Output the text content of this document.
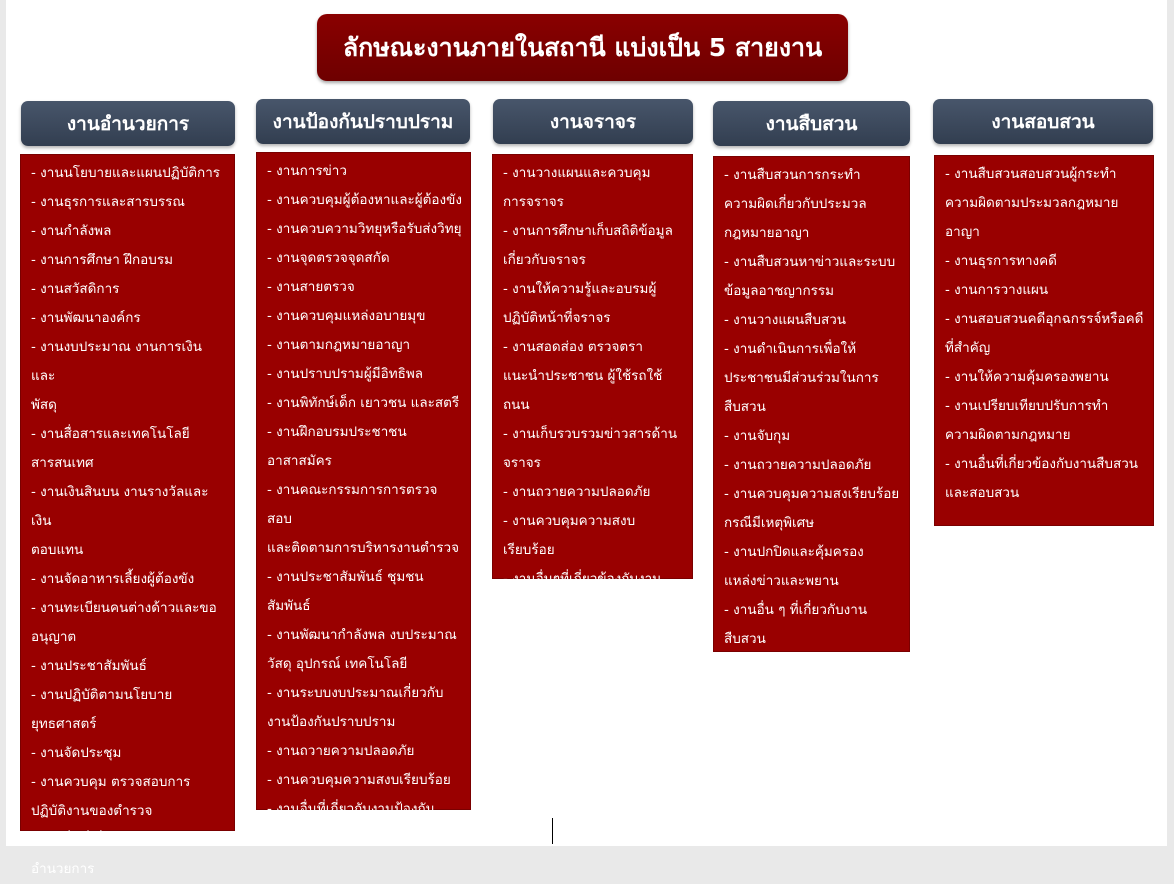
ลักษณะงานภายในสถานี แบ่งเป็น 5 สายงาน
งานอำนวยการ
- งานนโยบายและแผนปฏิบัติการ
- งานธุรการและสารบรรณ
- งานกำลังพล
- งานการศึกษา ฝึกอบรม
- งานสวัสดิการ
- งานพัฒนาองค์กร
- งานงบประมาณ งานการเงินและ
พัสดุ
- งานสื่อสารและเทคโนโลยี
สารสนเทศ
- งานเงินสินบน งานรางวัลและเงิน
ตอบแทน
- งานจัดอาหารเลี้ยงผู้ต้องขัง
- งานทะเบียนคนต่างด้าวและขอ
อนุญาต
- งานประชาสัมพันธ์
- งานปฏิบัติตามนโยบาย
ยุทธศาสตร์
- งานจัดประชุม
- งานควบคุม ตรวจสอบการ
ปฏิบัติงานของตำรวจ
- งานอื่นที่เกี่ยวข้องกับงาน
อำนวยการ
งานป้องกันปราบปราม
- งานการข่าว
- งานควบคุมผู้ต้องหาและผู้ต้องขัง
- งานควบความวิทยุหรือรับส่งวิทยุ
- งานจุดตรวจจุดสกัด
- งานสายตรวจ
- งานควบคุมแหล่งอบายมุข
- งานตามกฎหมายอาญา
- งานปราบปรามผู้มีอิทธิพล
- งานพิทักษ์เด็ก เยาวชน และสตรี
- งานฝึกอบรมประชาชน
อาสาสมัคร
- งานคณะกรรมการการตรวจสอบ
และติดตามการบริหารงานตำรวจ
- งานประชาสัมพันธ์ ชุมชน
สัมพันธ์
- งานพัฒนากำลังพล งบประมาณ
วัสดุ อุปกรณ์ เทคโนโลยี
- งานระบบงบประมาณเกี่ยวกับ
งานป้องกันปราบปราม
- งานถวายความปลอดภัย
- งานควบคุมความสงบเรียบร้อย
- งานอื่นที่เกี่ยวกับงานป้องกัน
งานจราจร
- งานวางแผนและควบคุม
การจราจร
- งานการศึกษาเก็บสถิติข้อมูล
เกี่ยวกับจราจร
- งานให้ความรู้และอบรมผู้
ปฏิบัติหน้าที่จราจร
- งานสอดส่อง ตรวจตรา
แนะนำประชาชน ผู้ใช้รถใช้ถนน
- งานเก็บรวบรวมข่าวสารด้าน
จราจร
- งานถวายความปลอดภัย
- งานควบคุมความสงบ
เรียบร้อย
- งานอื่นๆที่เกี่ยวข้องกับงาน
งานสืบสวน
- งานสืบสวนการกระทำ
ความผิดเกี่ยวกับประมวล
กฎหมายอาญา
- งานสืบสวนหาข่าวและระบบ
ข้อมูลอาชญากรรม
- งานวางแผนสืบสวน
- งานดำเนินการเพื่อให้
ประชาชนมีส่วนร่วมในการ
สืบสวน
- งานจับกุม
- งานถวายความปลอดภัย
- งานควบคุมความสงเรียบร้อย
กรณีมีเหตุพิเศษ
- งานปกปิดและคุ้มครอง
แหล่งข่าวและพยาน
- งานอื่น ๆ ที่เกี่ยวกับงาน
สืบสวน
งานสอบสวน
- งานสืบสวนสอบสวนผู้กระทำ
ความผิดตามประมวลกฎหมาย
อาญา
- งานธุรการทางคดี
- งานการวางแผน
- งานสอบสวนคดีอุกฉกรรจ์หรือคดี
ที่สำคัญ
- งานให้ความคุ้มครองพยาน
- งานเปรียบเทียบปรับการทำ
ความผิดตามกฎหมาย
- งานอื่นที่เกี่ยวข้องกับงานสืบสวน
และสอบสวน
